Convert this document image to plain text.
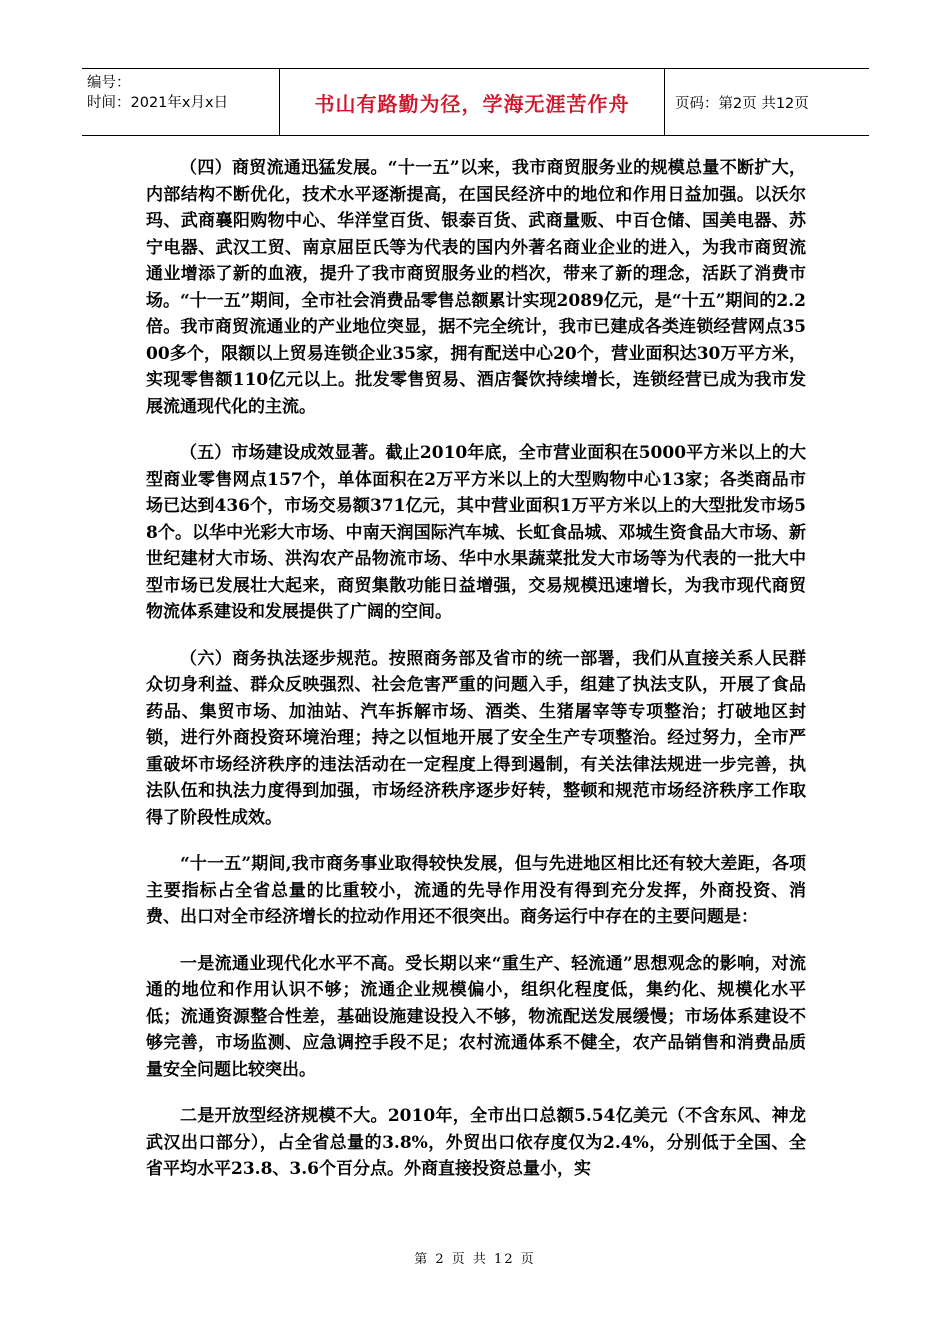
编号：
时间：2021年x月x日	书山有路勤为径，学海无涯苦作舟	页码：第2页 共12页

（四）商贸流通迅猛发展。“十一五”以来，我市商贸服务业的规模总量不断扩大，内部结构不断优化，技术水平逐渐提高，在国民经济中的地位和作用日益加强。以沃尔玛、武商襄阳购物中心、华洋堂百货、银泰百货、武商量贩、中百仓储、国美电器、苏宁电器、武汉工贸、南京屈臣氏等为代表的国内外著名商业企业的进入，为我市商贸流通业增添了新的血液，提升了我市商贸服务业的档次，带来了新的理念，活跃了消费市场。“十一五”期间，全市社会消费品零售总额累计实现2089亿元，是“十五”期间的2.2倍。我市商贸流通业的产业地位突显，据不完全统计，我市已建成各类连锁经营网点3500多个，限额以上贸易连锁企业35家，拥有配送中心20个，营业面积达30万平方米，实现零售额110亿元以上。批发零售贸易、酒店餐饮持续增长，连锁经营已成为我市发展流通现代化的主流。

（五）市场建设成效显著。截止2010年底，全市营业面积在5000平方米以上的大型商业零售网点157个，单体面积在2万平方米以上的大型购物中心13家；各类商品市场已达到436个，市场交易额371亿元，其中营业面积1万平方米以上的大型批发市场58个。以华中光彩大市场、中南天润国际汽车城、长虹食品城、邓城生资食品大市场、新世纪建材大市场、洪沟农产品物流市场、华中水果蔬菜批发大市场等为代表的一批大中型市场已发展壮大起来，商贸集散功能日益增强，交易规模迅速增长，为我市现代商贸物流体系建设和发展提供了广阔的空间。

（六）商务执法逐步规范。按照商务部及省市的统一部署，我们从直接关系人民群众切身利益、群众反映强烈、社会危害严重的问题入手，组建了执法支队，开展了食品药品、集贸市场、加油站、汽车拆解市场、酒类、生猪屠宰等专项整治；打破地区封锁，进行外商投资环境治理；持之以恒地开展了安全生产专项整治。经过努力，全市严重破坏市场经济秩序的违法活动在一定程度上得到遏制，有关法律法规进一步完善，执法队伍和执法力度得到加强，市场经济秩序逐步好转，整顿和规范市场经济秩序工作取得了阶段性成效。

“十一五”期间,我市商务事业取得较快发展，但与先进地区相比还有较大差距，各项主要指标占全省总量的比重较小，流通的先导作用没有得到充分发挥，外商投资、消费、出口对全市经济增长的拉动作用还不很突出。商务运行中存在的主要问题是：

一是流通业现代化水平不高。受长期以来“重生产、轻流通”思想观念的影响，对流通的地位和作用认识不够；流通企业规模偏小，组织化程度低，集约化、规模化水平低；流通资源整合性差，基础设施建设投入不够，物流配送发展缓慢；市场体系建设不够完善，市场监测、应急调控手段不足；农村流通体系不健全，农产品销售和消费品质量安全问题比较突出。

二是开放型经济规模不大。2010年，全市出口总额5.54亿美元（不含东风、神龙武汉出口部分），占全省总量的3.8%，外贸出口依存度仅为2.4%，分别低于全国、全省平均水平23.8、3.6个百分点。外商直接投资总量小，实

第 2 页 共 12 页
